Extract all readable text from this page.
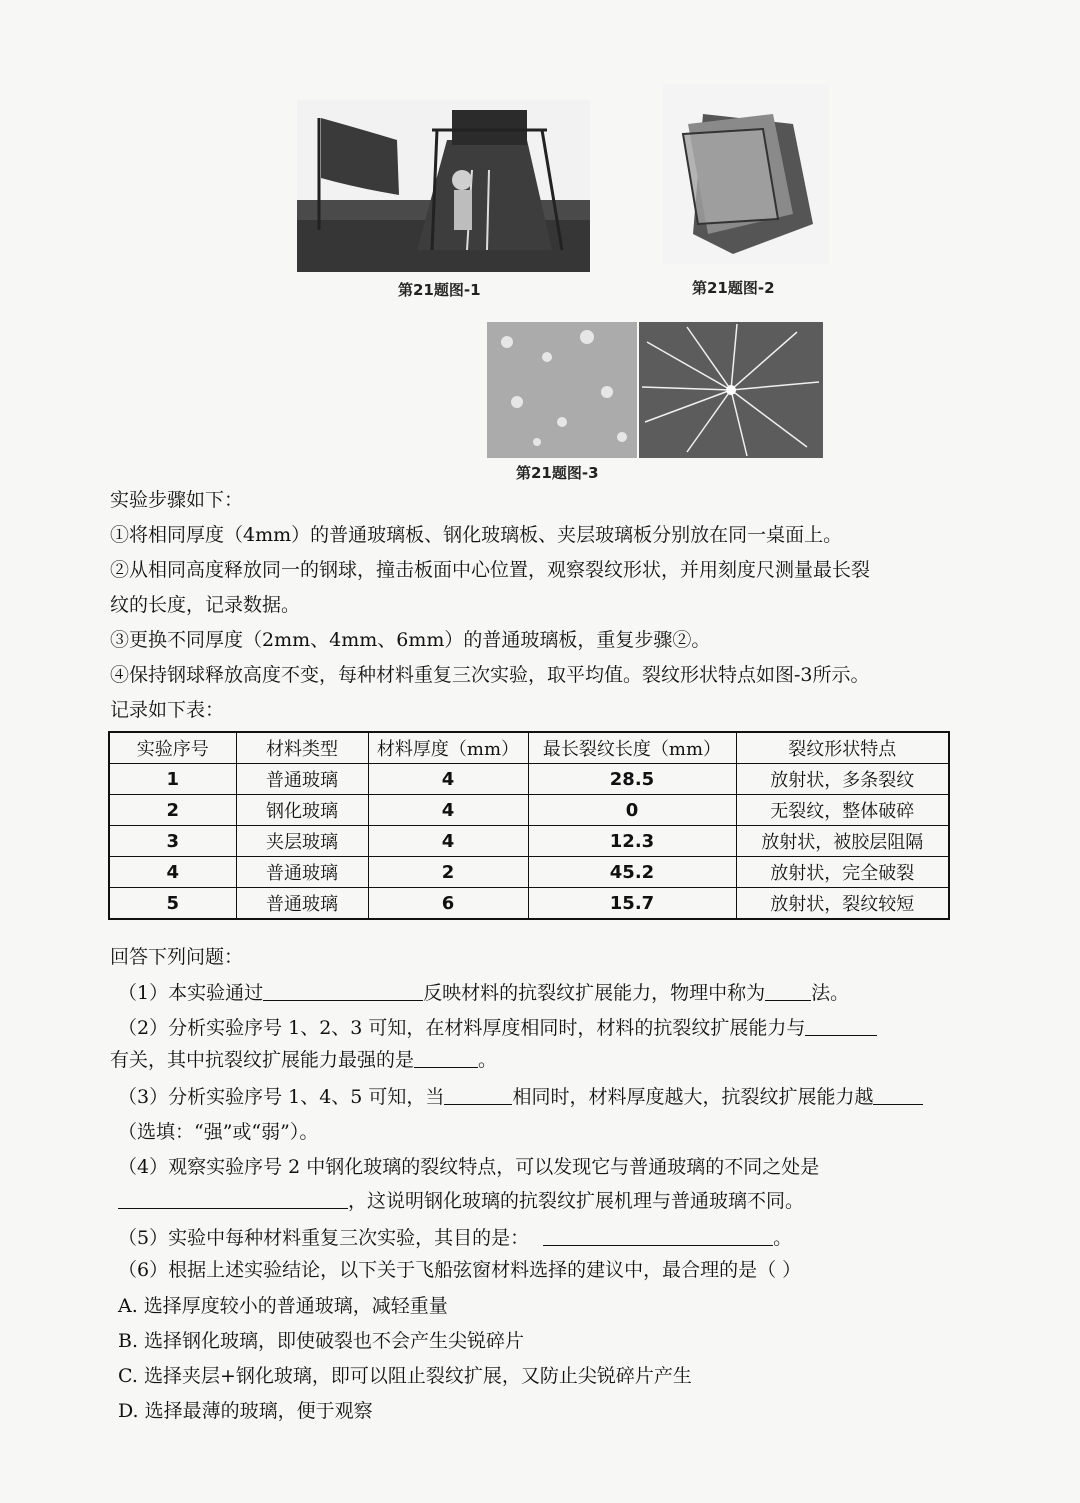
第21题图-1	第21题图-2
第21题图-3
实验步骤如下：
①将相同厚度（4mm）的普通玻璃板、钢化玻璃板、夹层玻璃板分别放在同一桌面上。
②从相同高度释放同一的钢球，撞击板面中心位置，观察裂纹形状，并用刻度尺测量最长裂
纹的长度，记录数据。
③更换不同厚度（2mm、4mm、6mm）的普通玻璃板，重复步骤②。
④保持钢球释放高度不变，每种材料重复三次实验，取平均值。裂纹形状特点如图-3所示。
记录如下表：
实验序号	材料类型	材料厚度（mm）	最长裂纹长度（mm）	裂纹形状特点
1	普通玻璃	4	28.5	放射状，多条裂纹
2	钢化玻璃	4	0	无裂纹，整体破碎
3	夹层玻璃	4	12.3	放射状，被胶层阻隔
4	普通玻璃	2	45.2	放射状，完全破裂
5	普通玻璃	6	15.7	放射状，裂纹较短
回答下列问题：
（1）本实验通过	反映材料的抗裂纹扩展能力，物理中称为 法。
（2）分析实验序号 1、2、3 可知，在材料厚度相同时，材料的抗裂纹扩展能力与
有关，其中抗裂纹扩展能力最强的是	。
（3）分析实验序号 1、4、5 可知，当	相同时，材料厚度越大，抗裂纹扩展能力越
（选填：“强”或“弱”）。
（4）观察实验序号 2 中钢化玻璃的裂纹特点，可以发现它与普通玻璃的不同之处是
，这说明钢化玻璃的抗裂纹扩展机理与普通玻璃不同。
（5）实验中每种材料重复三次实验，其目的是：	。
（6）根据上述实验结论，以下关于飞船弦窗材料选择的建议中，最合理的是（ ）
A. 选择厚度较小的普通玻璃，减轻重量
B. 选择钢化玻璃，即使破裂也不会产生尖锐碎片
C. 选择夹层+钢化玻璃，即可以阻止裂纹扩展，又防止尖锐碎片产生
D. 选择最薄的玻璃，便于观察
